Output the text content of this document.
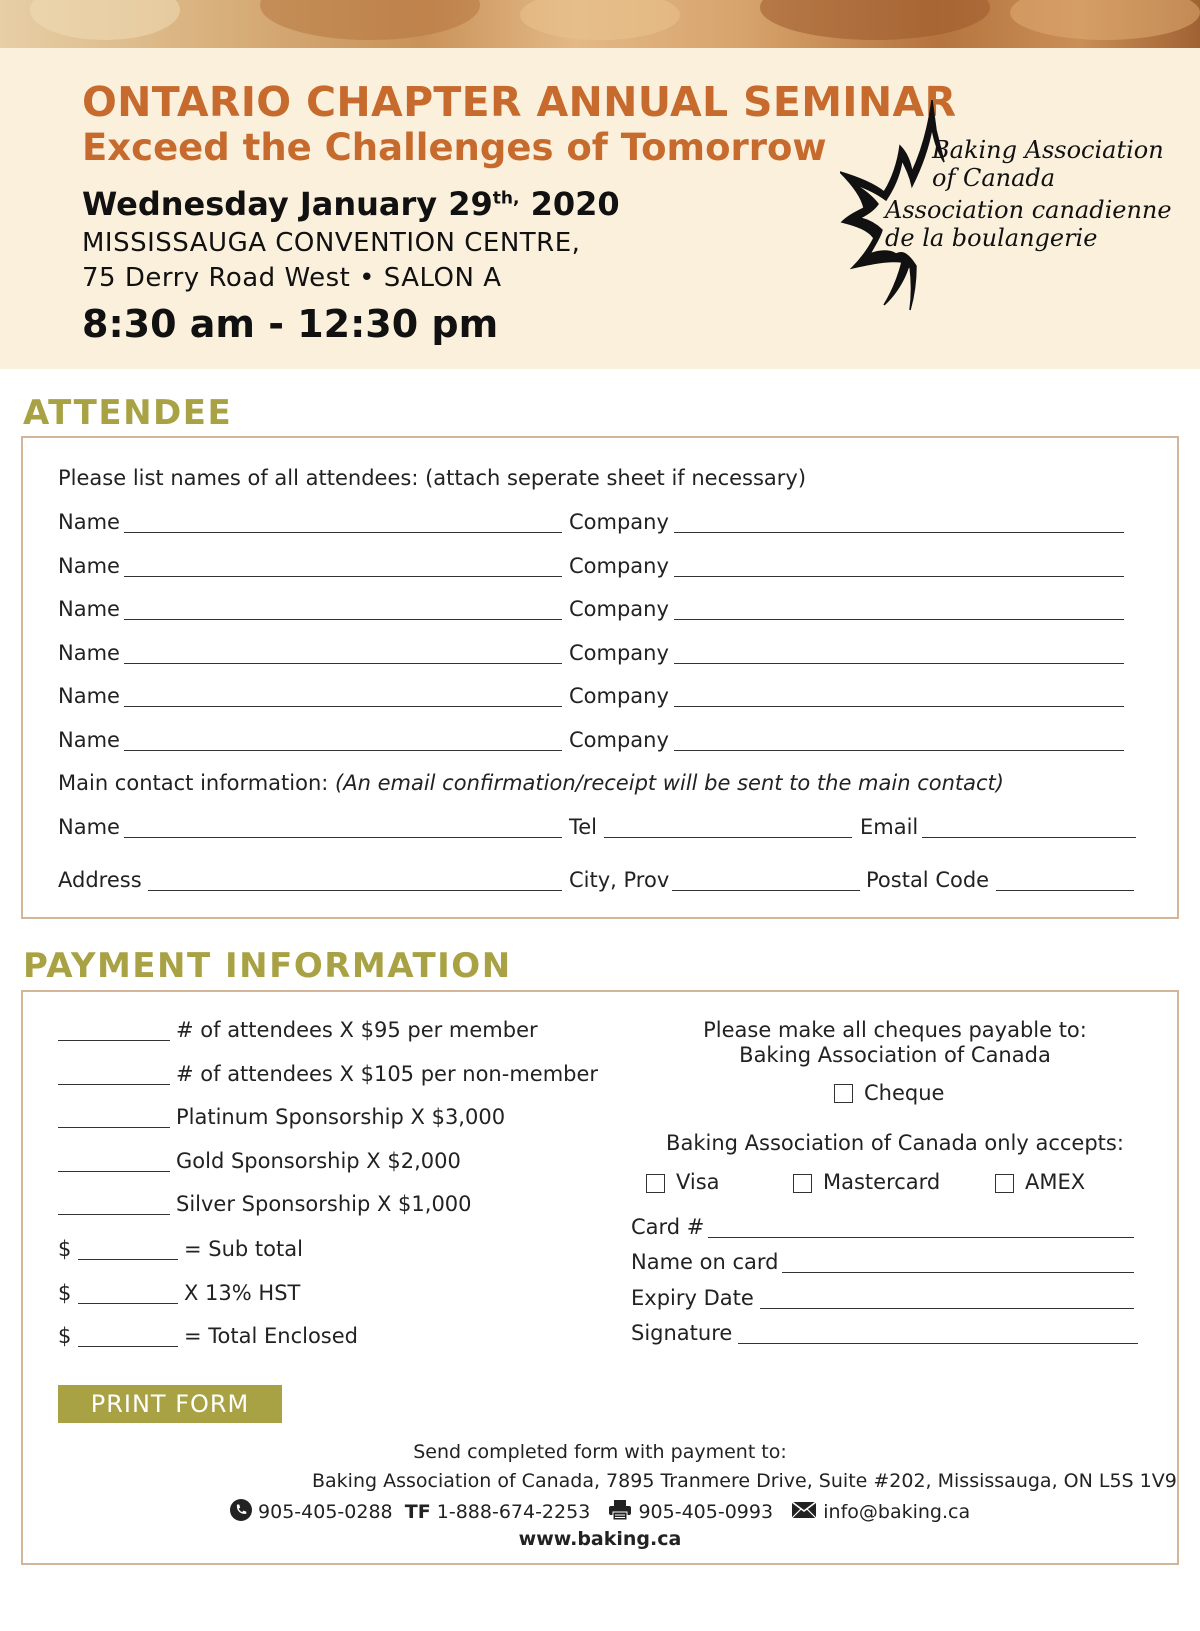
ONTARIO CHAPTER ANNUAL SEMINAR
Exceed the Challenges of Tomorrow
Wednesday January $29^{th,}$ 2020
MISSISSAUGA CONVENTION CENTRE,
75 Derry Road West • SALON A
8:30 am - 12:30 pm
Baking Association
of Canada
Association canadienne
de la boulangerie
ATTENDEE
Please list names of all attendees: (attach seperate sheet if necessary)
Name	Company
Name	Company
Name	Company
Name	Company
Name	Company
Name	Company
Main contact information: (An email confirmation/receipt will be sent to the main contact)
Name	Tel	Email
Address	City, Prov	Postal Code
PAYMENT INFORMATION
# of attendees X $95 per member
# of attendees X $105 per non-member
Platinum Sponsorship X $3,000
Gold Sponsorship X $2,000
Silver Sponsorship X $1,000
$	= Sub total
$	X 13% HST
$	= Total Enclosed
Please make all cheques payable to:
Baking Association of Canada
Cheque
Baking Association of Canada only accepts:
Visa	Mastercard	AMEX
Card #
Name on card
Expiry Date
Signature
PRINT FORM
Send completed form with payment to:
Baking Association of Canada, 7895 Tranmere Drive, Suite #202, Mississauga, ON L5S 1V9
905-405-0288 TF 1-888-674-2253	905-405-0993	info@baking.ca
www.baking.ca
